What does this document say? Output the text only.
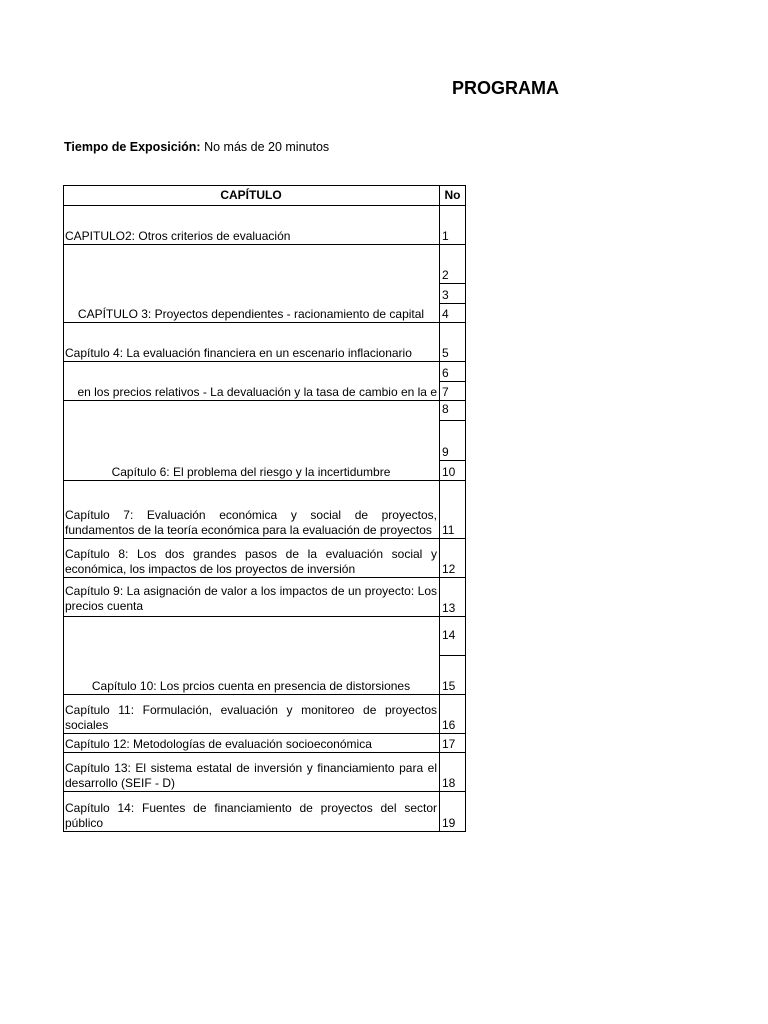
PROGRAMA
Tiempo de Exposición: No más de 20 minutos
CAPÍTULO	No
CAPITULO2: Otros criterios de evaluación
CAPÍTULO 3: Proyectos dependientes - racionamiento de capital
Capítulo 4: La evaluación financiera en un escenario inflacionario
en los precios relativos - La devaluación y la tasa de cambio en la e
Capítulo 6: El problema del riesgo y la incertidumbre
Capítulo 7: Evaluación económica y social de proyectos, fundamentos de la teoría económica para la evaluación de proyectos
Capítulo 8: Los dos grandes pasos de la evaluación social y económica, los impactos de los proyectos de inversión
Capítulo 9: La asignación de valor a los impactos de un proyecto: Los precios cuenta
Capítulo 10: Los prcios cuenta en presencia de distorsiones
Capítulo 11: Formulación, evaluación y monitoreo de proyectos sociales
Capítulo 12: Metodologías de evaluación socioeconómica
Capítulo 13: El sistema estatal de inversión y financiamiento para el desarrollo (SEIF - D)
Capítulo 14: Fuentes de financiamiento de proyectos del sector público
1
2
3
4
5
6
7
8
9
10
11
12
13
14
15
16
17
18
19
